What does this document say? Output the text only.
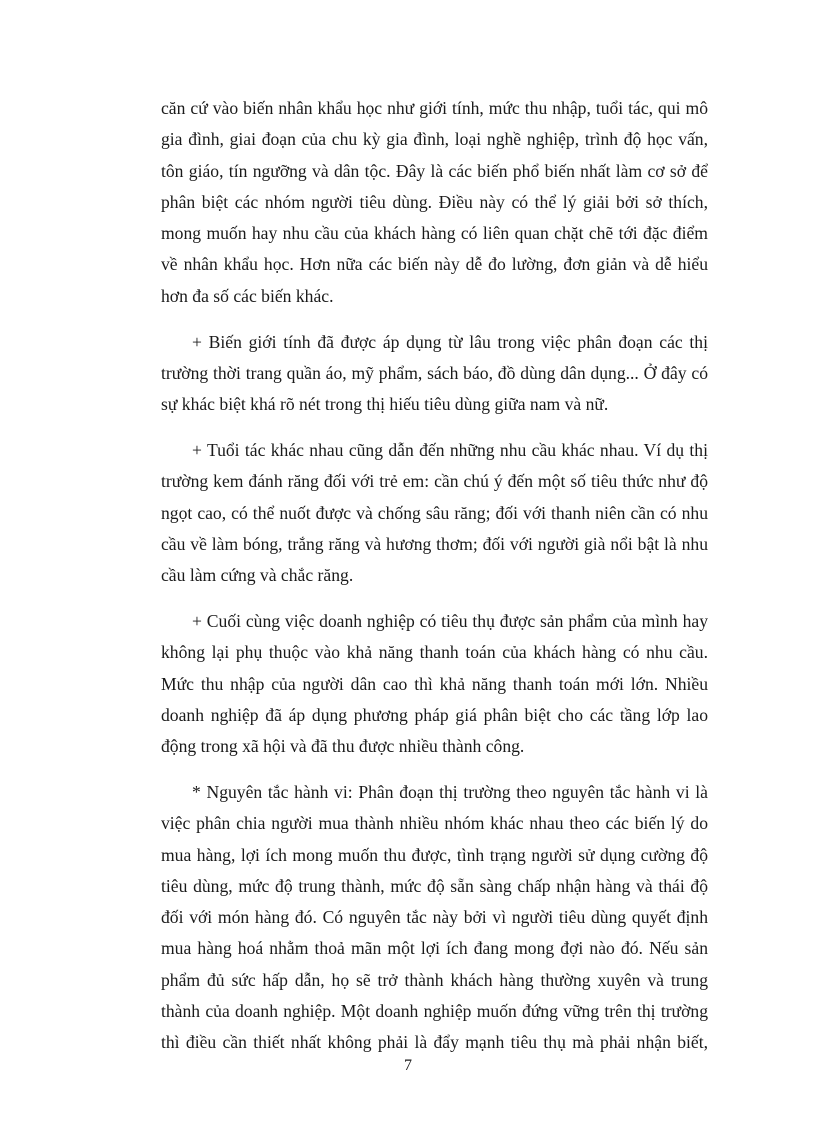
căn cứ vào biến nhân khẩu học như giới tính, mức thu nhập, tuổi tác, qui mô
gia đình, giai đoạn của chu kỳ gia đình, loại nghề nghiệp, trình độ học vấn,
tôn giáo, tín ngưỡng và dân tộc. Đây là các biến phổ biến nhất làm cơ sở để
phân biệt các nhóm người tiêu dùng. Điều này có thể lý giải bởi sở thích,
mong muốn hay nhu cầu của khách hàng có liên quan chặt chẽ tới đặc điểm
về nhân khẩu học. Hơn nữa các biến này dễ đo lường, đơn giản và dễ hiểu
hơn đa số các biến khác.
+ Biến giới tính đã được áp dụng từ lâu trong việc phân đoạn các thị
trường thời trang quần áo, mỹ phẩm, sách báo, đồ dùng dân dụng... Ở đây có
sự khác biệt khá rõ nét trong thị hiếu tiêu dùng giữa nam và nữ.
+ Tuổi tác khác nhau cũng dẫn đến những nhu cầu khác nhau. Ví dụ thị
trường kem đánh răng đối với trẻ em: cần chú ý đến một số tiêu thức như độ
ngọt cao, có thể nuốt được và chống sâu răng; đối với thanh niên cần có nhu
cầu về làm bóng, trắng răng và hương thơm; đối với người già nổi bật là nhu
cầu làm cứng và chắc răng.
+ Cuối cùng việc doanh nghiệp có tiêu thụ được sản phẩm của mình hay
không lại phụ thuộc vào khả năng thanh toán của khách hàng có nhu cầu.
Mức thu nhập của người dân cao thì khả năng thanh toán mới lớn. Nhiều
doanh nghiệp đã áp dụng phương pháp giá phân biệt cho các tầng lớp lao
động trong xã hội và đã thu được nhiều thành công.
* Nguyên tắc hành vi: Phân đoạn thị trường theo nguyên tắc hành vi là
việc phân chia người mua thành nhiều nhóm khác nhau theo các biến lý do
mua hàng, lợi ích mong muốn thu được, tình trạng người sử dụng cường độ
tiêu dùng, mức độ trung thành, mức độ sẵn sàng chấp nhận hàng và thái độ
đối với món hàng đó. Có nguyên tắc này bởi vì người tiêu dùng quyết định
mua hàng hoá nhằm thoả mãn một lợi ích đang mong đợi nào đó. Nếu sản
phẩm đủ sức hấp dẫn, họ sẽ trở thành khách hàng thường xuyên và trung
thành của doanh nghiệp. Một doanh nghiệp muốn đứng vững trên thị trường
thì điều cần thiết nhất không phải là đẩy mạnh tiêu thụ mà phải nhận biết,
7
